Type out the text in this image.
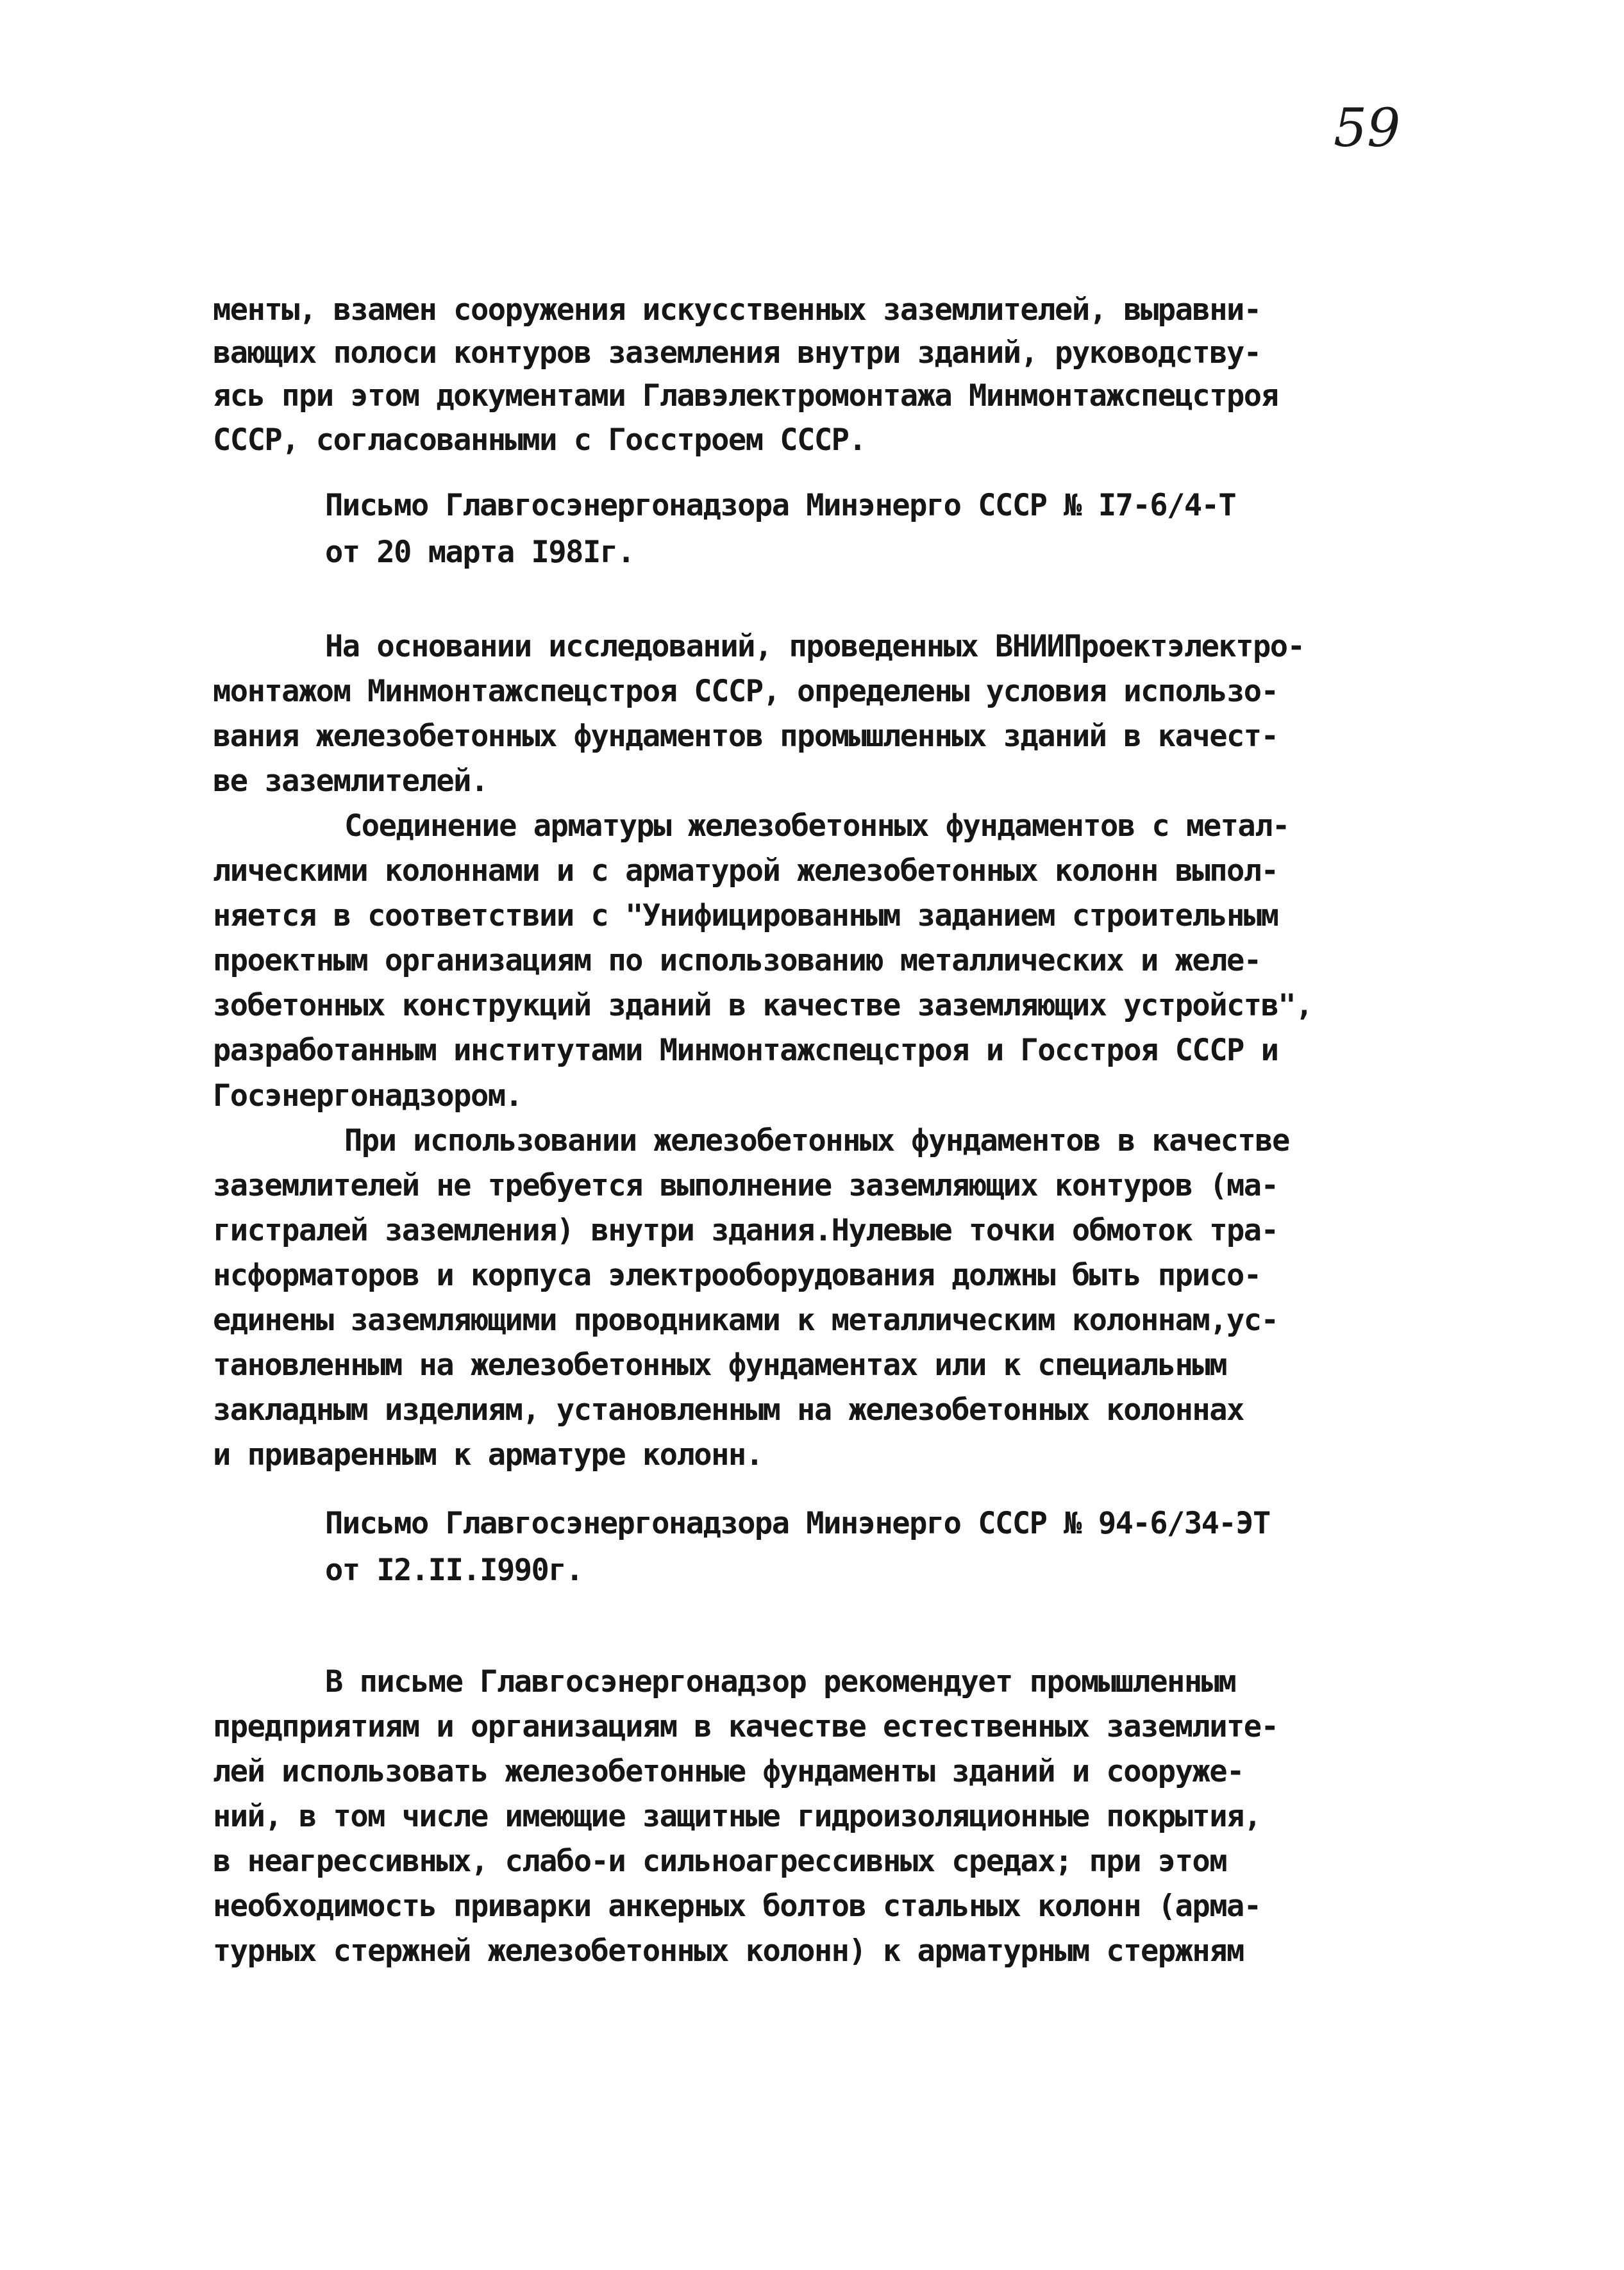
59
менты, взамен сооружения искусственных заземлителей, выравни-
вающих полоси контуров заземления внутри зданий, руководству-
ясь при этом документами Главэлектромонтажа Минмонтажспецстроя
СССР, согласованными с Госстроем СССР.
Письмо Главгосэнергонадзора Минэнерго СССР № I7-6/4-Т
от 20 марта I98Iг.
На основании исследований, проведенных ВНИИПроектэлектро-
монтажом Минмонтажспецстроя СССР, определены условия использо-
вания железобетонных фундаментов промышленных зданий в качест-
ве заземлителей.
Соединение арматуры железобетонных фундаментов с метал-
лическими колоннами и с арматурой железобетонных колонн выпол-
няется в соответствии с "Унифицированным заданием строительным
проектным организациям по использованию металлических и желе-
зобетонных конструкций зданий в качестве заземляющих устройств",
разработанным институтами Минмонтажспецстроя и Госстроя СССР и
Госэнергонадзором.
При использовании железобетонных фундаментов в качестве
заземлителей не требуется выполнение заземляющих контуров (ма-
гистралей заземления) внутри здания.Нулевые точки обмоток тра-
нсформаторов и корпуса электрооборудования должны быть присо-
единены заземляющими проводниками к металлическим колоннам,ус-
тановленным на железобетонных фундаментах или к специальным
закладным изделиям, установленным на железобетонных колоннах
и приваренным к арматуре колонн.
Письмо Главгосэнергонадзора Минэнерго СССР № 94-6/34-ЭТ
от I2.II.I990г.
В письме Главгосэнергонадзор рекомендует промышленным
предприятиям и организациям в качестве естественных заземлите-
лей использовать железобетонные фундаменты зданий и сооруже-
ний, в том числе имеющие защитные гидроизоляционные покрытия,
в неагрессивных, слабо-и сильноагрессивных средах; при этом
необходимость приварки анкерных болтов стальных колонн (арма-
турных стержней железобетонных колонн) к арматурным стержням
